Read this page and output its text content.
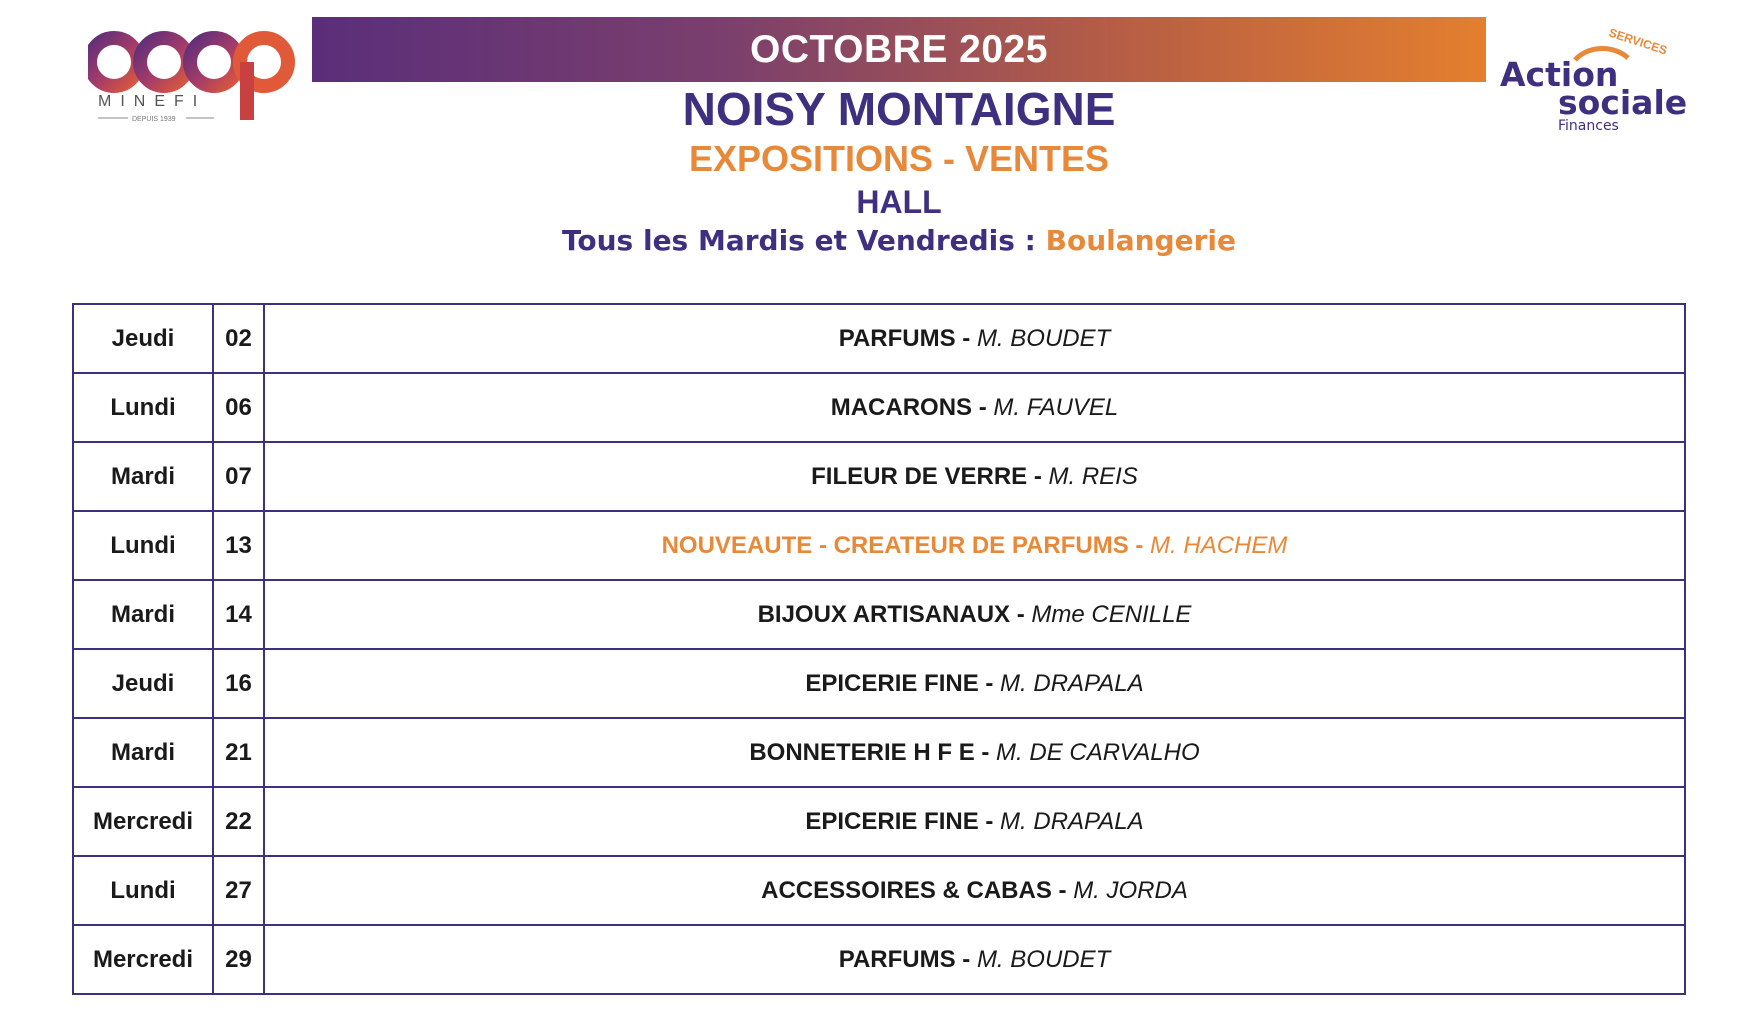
MINEFI
DEPUIS 1939
SERVICES
Action
sociale
Finances
OCTOBRE 2025
NOISY MONTAIGNE
EXPOSITIONS - VENTES
HALL
Tous les Mardis et Vendredis : Boulangerie
Jeudi	02	PARFUMS - M. BOUDET
Lundi	06	MACARONS - M. FAUVEL
Mardi	07	FILEUR DE VERRE - M. REIS
Lundi	13	NOUVEAUTE - CREATEUR DE PARFUMS - M. HACHEM
Mardi	14	BIJOUX ARTISANAUX - Mme CENILLE
Jeudi	16	EPICERIE FINE - M. DRAPALA
Mardi	21	BONNETERIE H F E - M. DE CARVALHO
Mercredi	22	EPICERIE FINE - M. DRAPALA
Lundi	27	ACCESSOIRES & CABAS - M. JORDA
Mercredi	29	PARFUMS - M. BOUDET
